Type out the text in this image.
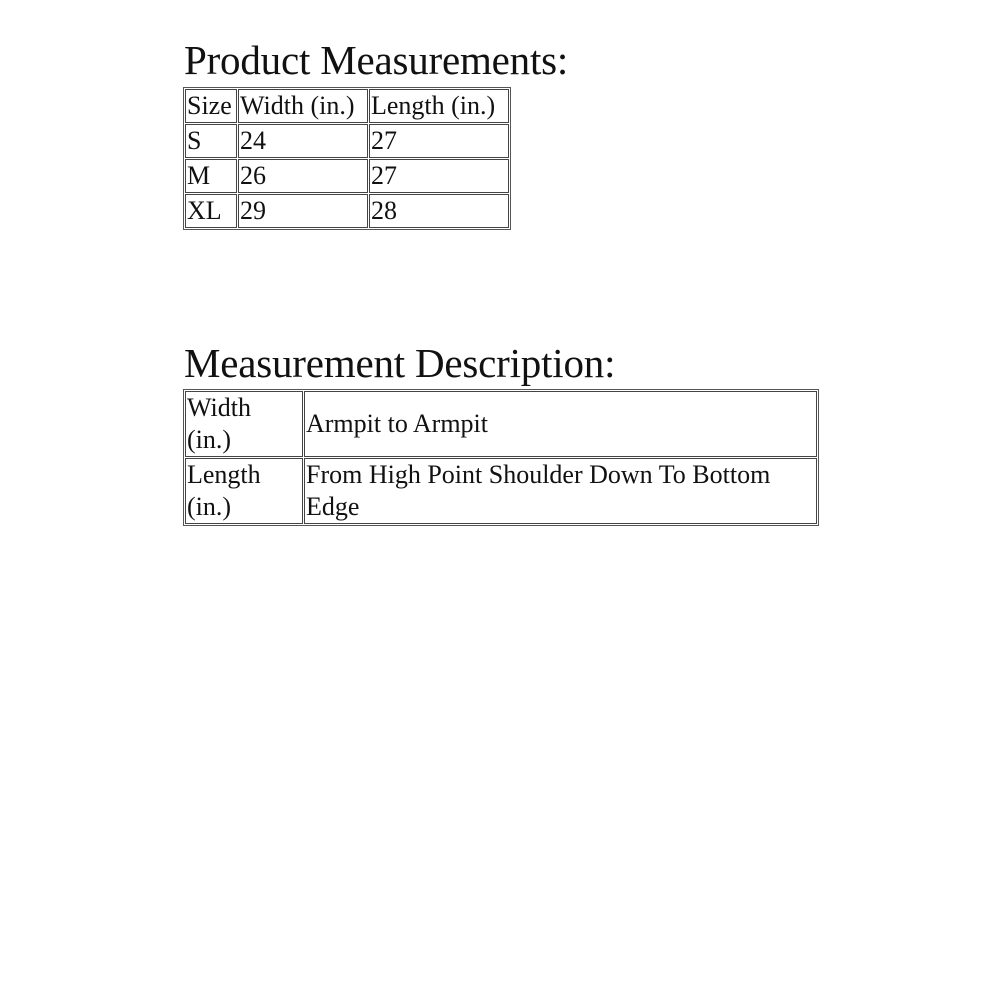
Product Measurements:
Size	Width (in.)	Length (in.)
S	24	27
M	26	27
XL	29	28
Measurement Description:
Width (in.)	Armpit to Armpit
Length (in.)	From High Point Shoulder Down To Bottom Edge
